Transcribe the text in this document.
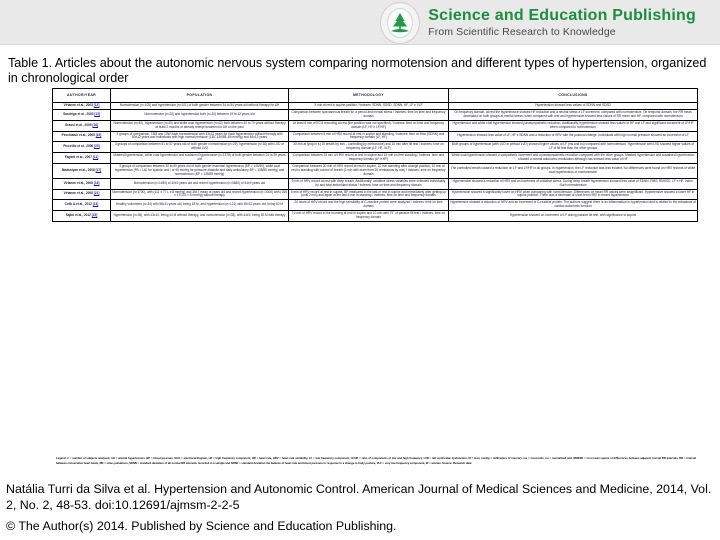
Science and Education Publishing
From Scientific Research to Knowledge
Table 1. Articles about the autonomic nervous system comparing normotension and different types of hypertension, organized in chronological order
AUTHOR/YEAR	POPULATION	METHODOLOGY	CONCLUSIONS
Virtanen et al., 2003 [12]	Normotension (n=105) and hypertension (n=101) of both gender between 34 to 54 years old without therapy for AH	5 min at rest in supine position / Indexes: SDNN, SDSD, SDNN, HF, LF e VLF	Hypertension showed less values of SDNN and SDSD
Sandrigo et al., 2003 [13]	Normotension (n=20) and hypertension both (n=20) between 19 to 42 years old	Comparison between spontaneous breath for a period and mental stress / Indexes: time on time and frequency domain	On frequency domain, at rest the hypertensive showed HF reduction and a neutral stress e LF increment, compared with normotensive. On temporal domain, the RR mean decreased on both groups at mental stress, when compared with rest and hypertensive showed less values of RR mean and HF, compared with normotension
Grassi et al., 2005 [16]	Normotension (n=40), hypertension (n=40) and white coat hypertension (n=40) both between 40 to 70 years without therapy at least 2 months or already receipt treatment to AH on the past	At least 6 min of ECG recording at rest (the position was not specified) / Indexes: time on time and frequency domain (LF, HF e LF/HF)	Hypertension and white coat hypertension showed parasympathetic reduction. Additionally, hypertension showed less values of HF and LF and significant increment of LF/HF when compared to normotension
Pecchialuk et al., 2005 [19]	3 groups of comparison, 15M and 10W each normotension with 43±12 years for each hypertension without therapy with 50±12 years and individuals with high normal pressure (130–139/85–89 mmHg) and 46±13 years	Comparison between 5 min of HRV record at rest in supine and standing / Indexes: time on time (SDNN) and frequency domain (LF, HF)	Hypertension showed less value of LF, HF e SDNN and a reduction of HRV with the postural change. Individuals with high normal pressure showed an increment of LF
Piccirillo et al., 2006 [20]	3 groups of comparison between 51 to 57 years old of both gender normotension (n=29), hypertension (n=30) with LVD or without LVD	30 min at lying in a (15 breath by min – controlling by metronome) and 15 min after tilt test / Indexes: time on frequency domain (LF, HF, VLF)	Both groups of hypertension (with LVD or without LVD) showed higher values of LF (ms and nu) compared with normotension. Hypertension with LVD showed higher values of LF of tilt test than the other groups
Fagard et al., 2007 [11]	Masked hypertension, white coat hypertension and sustained hypertension (n=1378) of both gender between 24 to 59 years old	Comparison between 15 min of HRV record at rest in supine and 15 min on free standing / Indexes: time and frequency domain (LF e HF)	White coat hypertension showed a sympathetic increment and a parasympathetic reduction compared with the other groups. Masked hypertension and sustained hypertension showed a normal autonomic modulation although has showed less value of HF
Madaniyan et al., 2008 [17]	3 groups of comparison between 30 to 80 years old of both gender essential hypertension (BP > 140/90), white coat hypertension (PA > 140 for systolic and / or 90 mmHg for pressure diastolic and daily ambulatory BP < 135/85 mmHg) and normotension (BP < 135/85 mmHg)	Comparison between 30 min of HRV record at rest in supine, 10 min standing after change position, 10 min at rest in standing with control of breath (2 min with team from 20 remissions by min) / Indexes: time on frequency domain	The controlled breath caused a reduction on LF and LF/HF in all groups. In hypertension, the LF reduction was less evident. No differences were found on HRV records of white coat hypertension or normotension
Virtanen et al., 2008 [18]	Normotension (n=1450) of 40±9 years old and recent hypertension (n=3680) of 44±9 years old	5 min of HRV record at rest with deep breath. Additionally, oxidative stress variables were collected individually by and total antioxidant status / Indexes: time on time and frequency domain	Hypertension showed a reduction of HRV and an increment of oxidative stress. During deep breath hypertension showed less value of SDNN, RMS, RMSSD, LF e HF. Index: Such normotension
Virtanen et al., 2008 [21]	Normotension (n=1700), with (111 ± 77 L ± 8 mmHg) and 35±7 mean of years old and recent hypertension (n=3300) with (155 ± 17/101 ± 8 mmHg) without therapy	5 min of HRV record at rest in supine, BP measured in the last of rest in supine and immediately after getting up (until 2 min) and again at the last 5 min in standing / Indexes: time on time and frequency domain	Hypertension showed a significantly lower on HRV when comparing with normotension. Differences on mean RR values were insignificant. Hypertensive showed a lower HF in supine position. There was a decrease of short-term HRV in recent hypertension
Celik A et al., 2012 [14]	Healthy volunteers (n=34) with 58±11 years old, being 18 M, and hypertension (n=121) with 59±11 years old, being 60 M	24 hours of HRV record and the high sensibility of C-reactive protein were analyzed / Indexes: time on time domain	Hypertensive showed a reduction of HRV and an increment of C-reactive protein. The authors suggest there is an inflammation in hypertension and is related to the imbalance of cardiac autonomic function
Sajkó et al., 2012 [15]	Hypertension (n=36), with 43±10, being 44 M without therapy, and normotension (n=38), with 44±9, being 30 M with therapy	10 min of HRV record in the morning at rest in supine and 10 min with 70° of passive tilt test / Indexes: time on frequency domain	Hypertension showed an increment of LF during passive tilt test, with significance in supine
Legend: n = number of subjects analyzed, AH = arterial hypertension, BP = blood pressure, ECG = electrocardiogram, HF = high frequency component, HR = heart rate, HRV = heart rate variability, LF = low frequency component, LF/HF = ratio of components of low and high frequency, LVD = left ventricular dysfunction, M = man, nonHg = millimeters of mercury, ms = mseconds, nu = normalized unit, RMSSD = root mean square of differences between adjacent normal RR intervals, RR = interval between consecutive heart beats, RR = sinus pulsations, SDNN = standard deviation of all normal RR intervals recorded in a sample and SDSD = standard deviation the balance of heart rate and blood pressure in response to a change in body posture, VLF = very low frequency component, W = woman. Source: Research data
Natália Turri da Silva et al. Hypertension and Autonomic Control. American Journal of Medical Sciences and Medicine, 2014, Vol. 2, No. 2, 48-53. doi:10.12691/ajmsm-2-2-5
© The Author(s) 2014. Published by Science and Education Publishing.
